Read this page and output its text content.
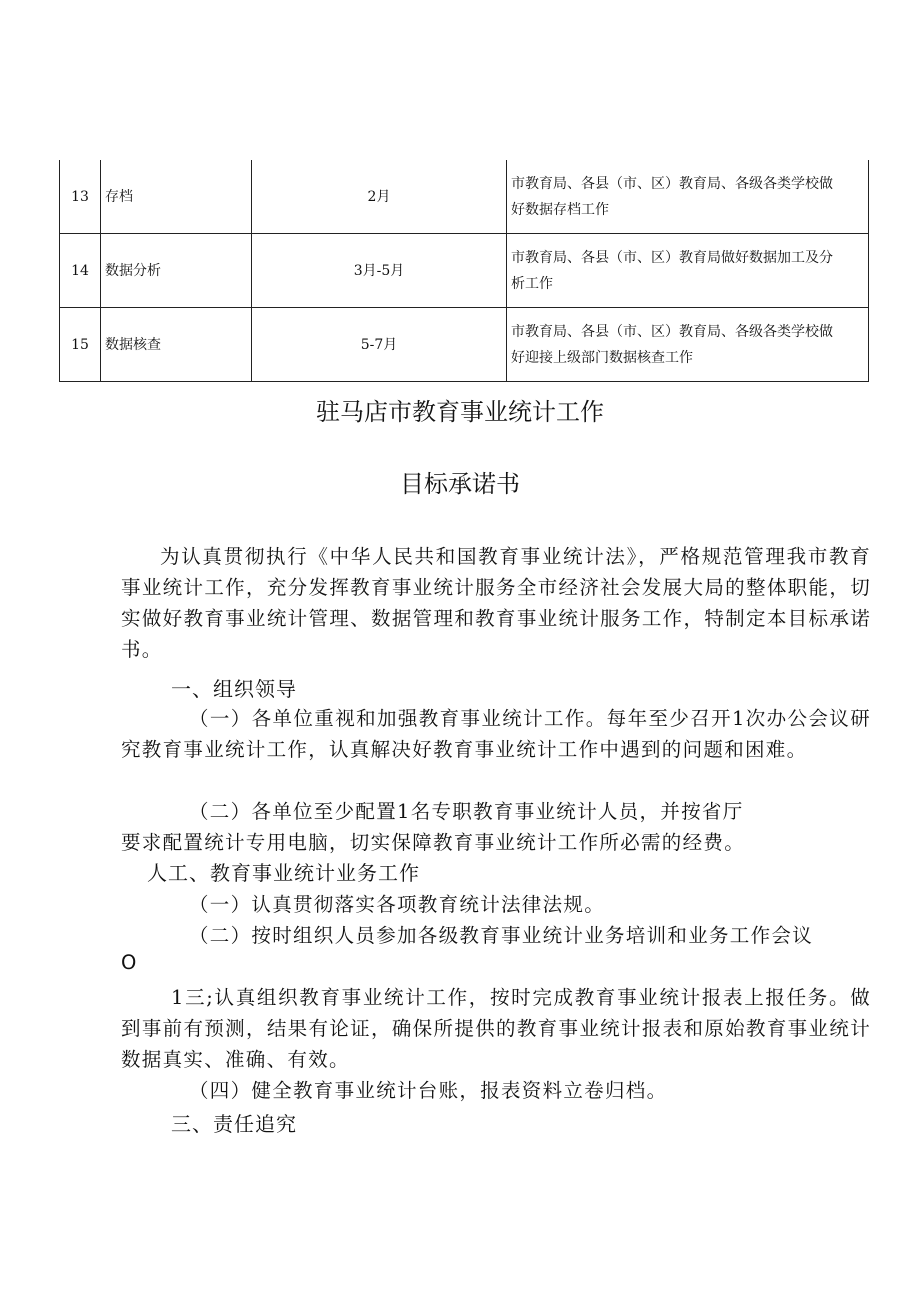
13	存档	2月	市教育局、各县（市、区）教育局、各级各类学校做
好数据存档工作

14	数据分析	3月-5月	市教育局、各县（市、区）教育局做好数据加工及分
析工作

15	数据核查	5-7月	市教育局、各县（市、区）教育局、各级各类学校做
好迎接上级部门数据核查工作
驻马店市教育事业统计工作
目标承诺书

为认真贯彻执行《中华人民共和国教育事业统计法》，严格规范管理我市教育事业统计工作，充分发挥教育事业统计服务全市经济社会发展大局的整体职能，切实做好教育事业统计管理、数据管理和教育事业统计服务工作，特制定本目标承诺书。

一、组织领导

（一）各单位重视和加强教育事业统计工作。每年至少召开1次办公会议研究教育事业统计工作，认真解决好教育事业统计工作中遇到的问题和困难。

（二）各单位至少配置1名专职教育事业统计人员，并按省厅

要求配置统计专用电脑，切实保障教育事业统计工作所必需的经费。

人工、教育事业统计业务工作

（一）认真贯彻落实各项教育统计法律法规。

（二）按时组织人员参加各级教育事业统计业务培训和业务工作会议

O

1三;认真组织教育事业统计工作，按时完成教育事业统计报表上报任务。做到事前有预测，结果有论证，确保所提供的教育事业统计报表和原始教育事业统计数据真实、准确、有效。

（四）健全教育事业统计台账，报表资料立卷归档。

三、责任追究
